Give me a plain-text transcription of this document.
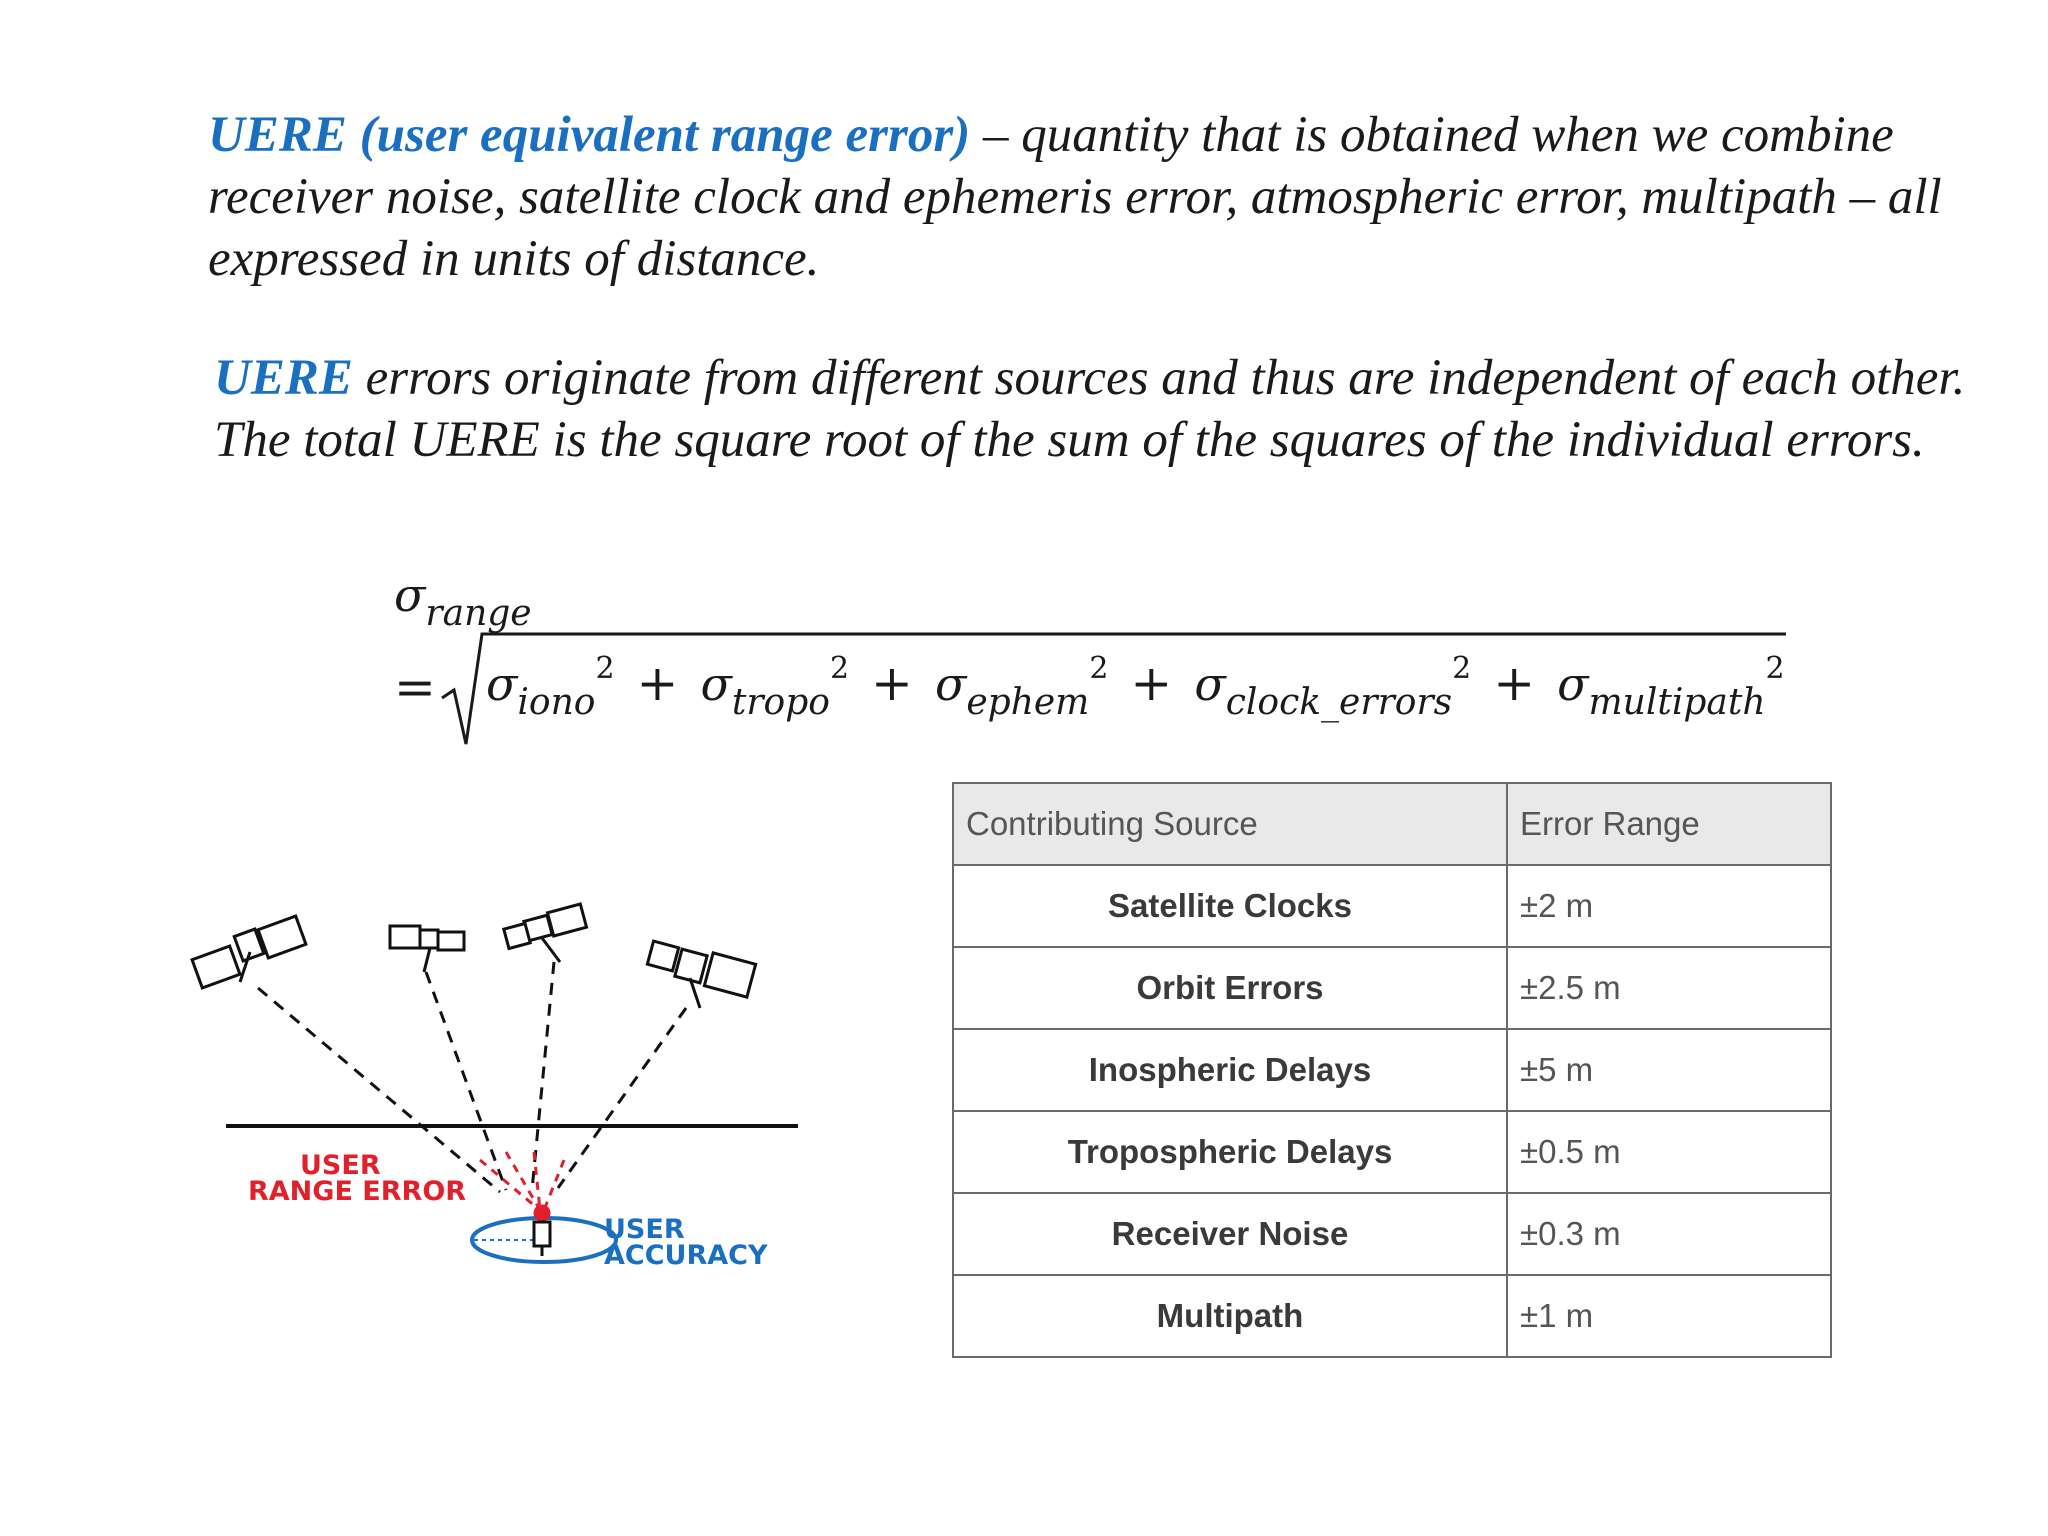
UERE (user equivalent range error) – quantity that is obtained when we combine receiver noise, satellite clock and ephemeris error, atmospheric error, multipath – all expressed in units of distance.
UERE errors originate from different sources and thus are independent of each other. The total UERE is the square root of the sum of the squares of the individual errors.
σrange
= σiono2 + σtropo2 + σephem2 + σclock_errors2 + σmultipath2
USER
RANGE ERROR
USER
ACCURACY
Contributing Source	Error Range
Satellite Clocks	±2 m
Orbit Errors	±2.5 m
Inospheric Delays	±5 m
Tropospheric Delays	±0.5 m
Receiver Noise	±0.3 m
Multipath	±1 m
